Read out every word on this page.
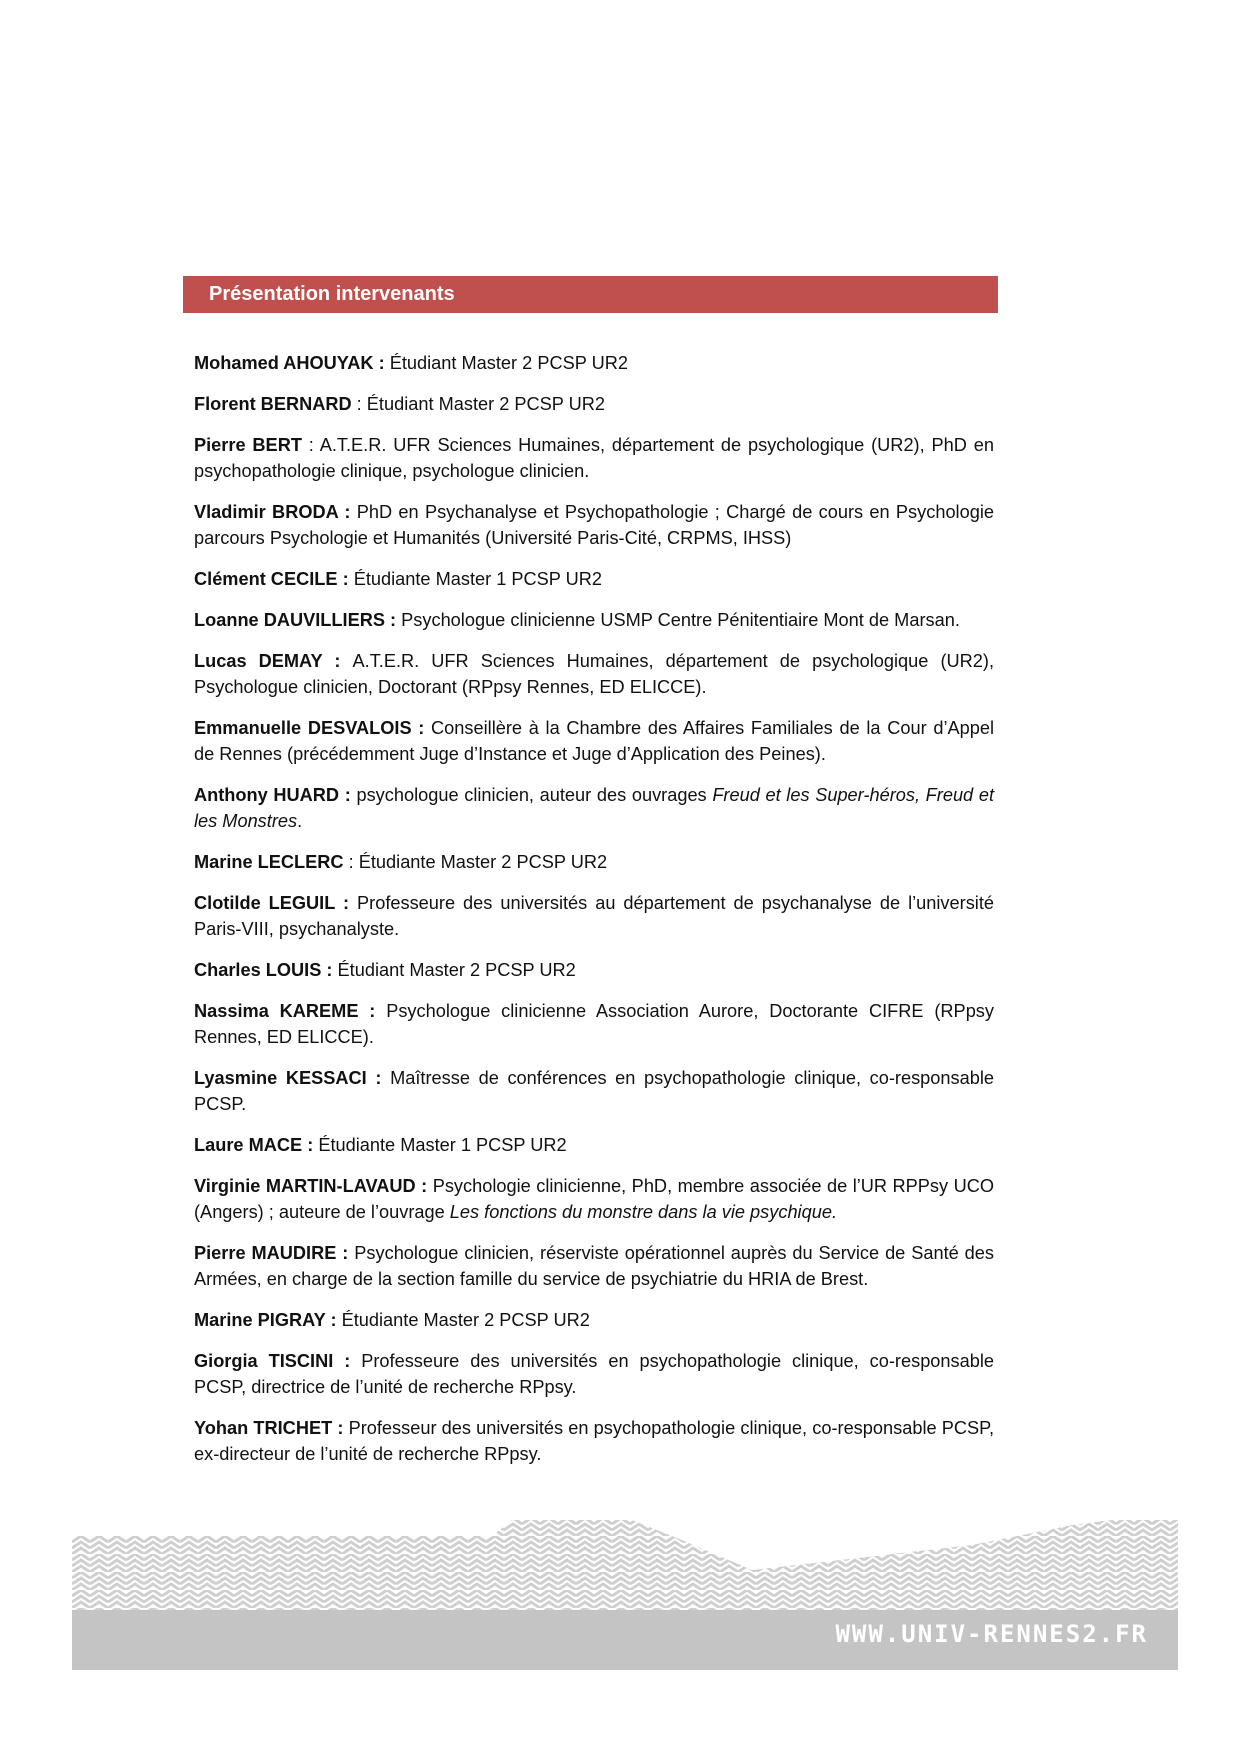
Présentation intervenants

Mohamed AHOUYAK : Étudiant Master 2 PCSP UR2

Florent BERNARD : Étudiant Master 2 PCSP UR2

Pierre BERT : A.T.E.R. UFR Sciences Humaines, département de psychologique (UR2), PhD en psychopathologie clinique, psychologue clinicien.

Vladimir BRODA : PhD en Psychanalyse et Psychopathologie ; Chargé de cours en Psychologie parcours Psychologie et Humanités (Université Paris-Cité, CRPMS, IHSS)

Clément CECILE : Étudiante Master 1 PCSP UR2

Loanne DAUVILLIERS : Psychologue clinicienne USMP Centre Pénitentiaire Mont de Marsan.

Lucas DEMAY : A.T.E.R. UFR Sciences Humaines, département de psychologique (UR2), Psychologue clinicien, Doctorant (RPpsy Rennes, ED ELICCE).

Emmanuelle DESVALOIS : Conseillère à la Chambre des Affaires Familiales de la Cour d’Appel de Rennes (précédemment Juge d’Instance et Juge d’Application des Peines).

Anthony HUARD : psychologue clinicien, auteur des ouvrages Freud et les Super-héros, Freud et les Monstres.

Marine LECLERC : Étudiante Master 2 PCSP UR2

Clotilde LEGUIL : Professeure des universités au département de psychanalyse de l’université Paris-VIII, psychanalyste.

Charles LOUIS : Étudiant Master 2 PCSP UR2

Nassima KAREME : Psychologue clinicienne Association Aurore, Doctorante CIFRE (RPpsy Rennes, ED ELICCE).

Lyasmine KESSACI : Maîtresse de conférences en psychopathologie clinique, co-responsable PCSP.

Laure MACE : Étudiante Master 1 PCSP UR2

Virginie MARTIN-LAVAUD : Psychologie clinicienne, PhD, membre associée de l’UR RPPsy UCO (Angers) ; auteure de l’ouvrage Les fonctions du monstre dans la vie psychique.

Pierre MAUDIRE : Psychologue clinicien, réserviste opérationnel auprès du Service de Santé des Armées, en charge de la section famille du service de psychiatrie du HRIA de Brest.

Marine PIGRAY : Étudiante Master 2 PCSP UR2

Giorgia TISCINI : Professeure des universités en psychopathologie clinique, co-responsable PCSP, directrice de l’unité de recherche RPpsy.

Yohan TRICHET : Professeur des universités en psychopathologie clinique, co-responsable PCSP, ex-directeur de l’unité de recherche RPpsy.

WWW.UNIV-RENNES2.FR
